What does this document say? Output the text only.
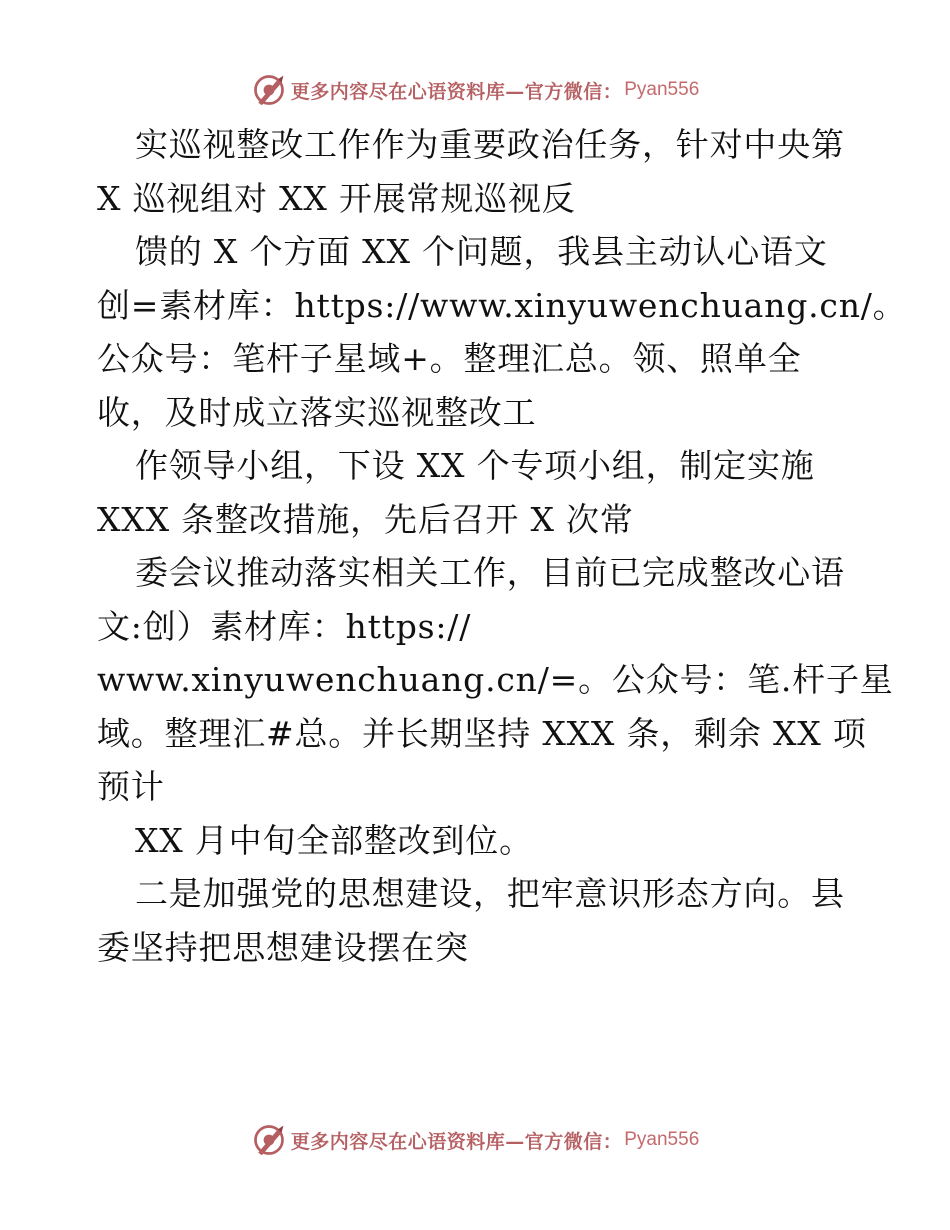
更多内容尽在心语资料库—官方微信： Pyan556
实巡视整改工作作为重要政治任务，针对中央第
X 巡视组对 XX 开展常规巡视反
馈的 X 个方面 XX 个问题，我县主动认心语文
创=素材库：https://www.xinyuwenchuang.cn/。
公众号：笔杆子星域+。整理汇总。领、照单全
收，及时成立落实巡视整改工
作领导小组，下设 XX 个专项小组，制定实施
XXX 条整改措施，先后召开 X 次常
委会议推动落实相关工作，目前已完成整改心语
文:创）素材库：https://
www.xinyuwenchuang.cn/=。公众号：笔.杆子星
域。整理汇#总。并长期坚持 XXX 条，剩余 XX 项
预计
XX 月中旬全部整改到位。
二是加强党的思想建设，把牢意识形态方向。县
委坚持把思想建设摆在突
更多内容尽在心语资料库—官方微信： Pyan556
